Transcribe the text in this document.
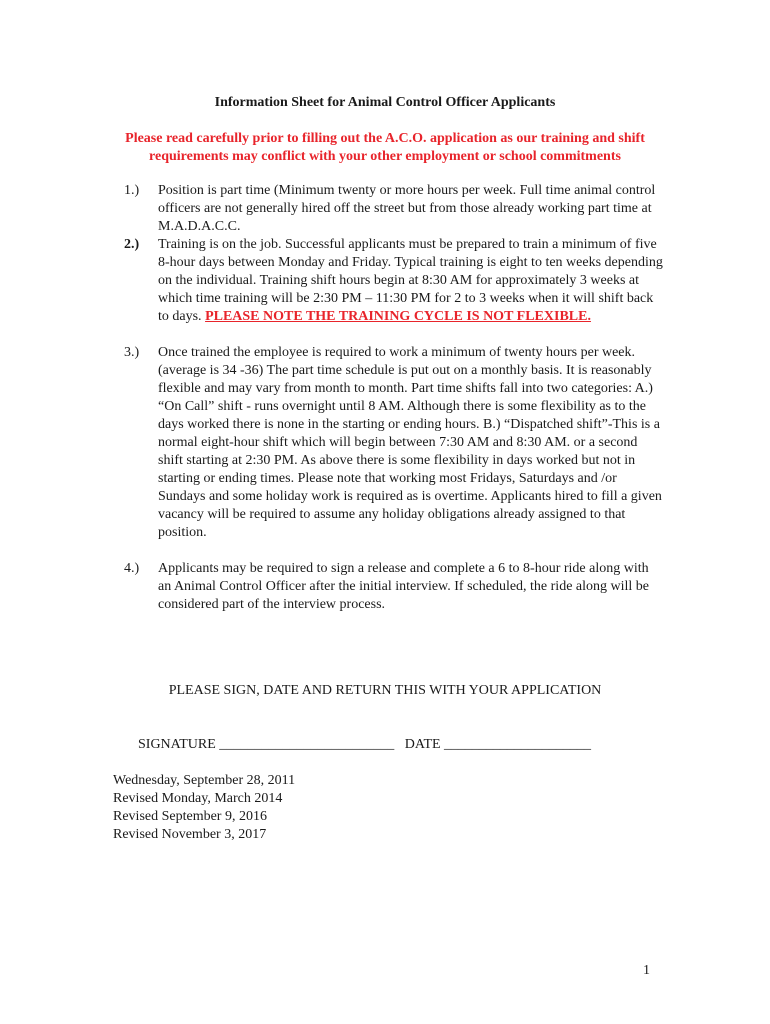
Information Sheet for Animal Control Officer Applicants
Please read carefully prior to filling out the A.C.O. application as our training and shift requirements may conflict with your other employment or school commitments
1.)	Position is part time (Minimum twenty or more hours per week. Full time animal control officers are not generally hired off the street but from those already working part time at M.A.D.A.C.C.
2.)	Training is on the job. Successful applicants must be prepared to train a minimum of five 8-hour days between Monday and Friday. Typical training is eight to ten weeks depending on the individual. Training shift hours begin at 8:30 AM for approximately 3 weeks at which time training will be 2:30 PM – 11:30 PM for 2 to 3 weeks when it will shift back to days. PLEASE NOTE THE TRAINING CYCLE IS NOT FLEXIBLE.
3.)	Once trained the employee is required to work a minimum of twenty hours per week. (average is 34 -36) The part time schedule is put out on a monthly basis. It is reasonably flexible and may vary from month to month. Part time shifts fall into two categories: A.) “On Call” shift - runs overnight until 8 AM. Although there is some flexibility as to the days worked there is none in the starting or ending hours. B.) “Dispatched shift”-This is a normal eight-hour shift which will begin between 7:30 AM and 8:30 AM. or a second shift starting at 2:30 PM. As above there is some flexibility in days worked but not in starting or ending times. Please note that working most Fridays, Saturdays and /or Sundays and some holiday work is required as is overtime. Applicants hired to fill a given vacancy will be required to assume any holiday obligations already assigned to that position.
4.)	Applicants may be required to sign a release and complete a 6 to 8-hour ride along with an Animal Control Officer after the initial interview. If scheduled, the ride along will be considered part of the interview process.
PLEASE SIGN, DATE AND RETURN THIS WITH YOUR APPLICATION
SIGNATURE _________________________ DATE _____________________
Wednesday, September 28, 2011
Revised Monday, March 2014
Revised September 9, 2016
Revised November 3, 2017
1
